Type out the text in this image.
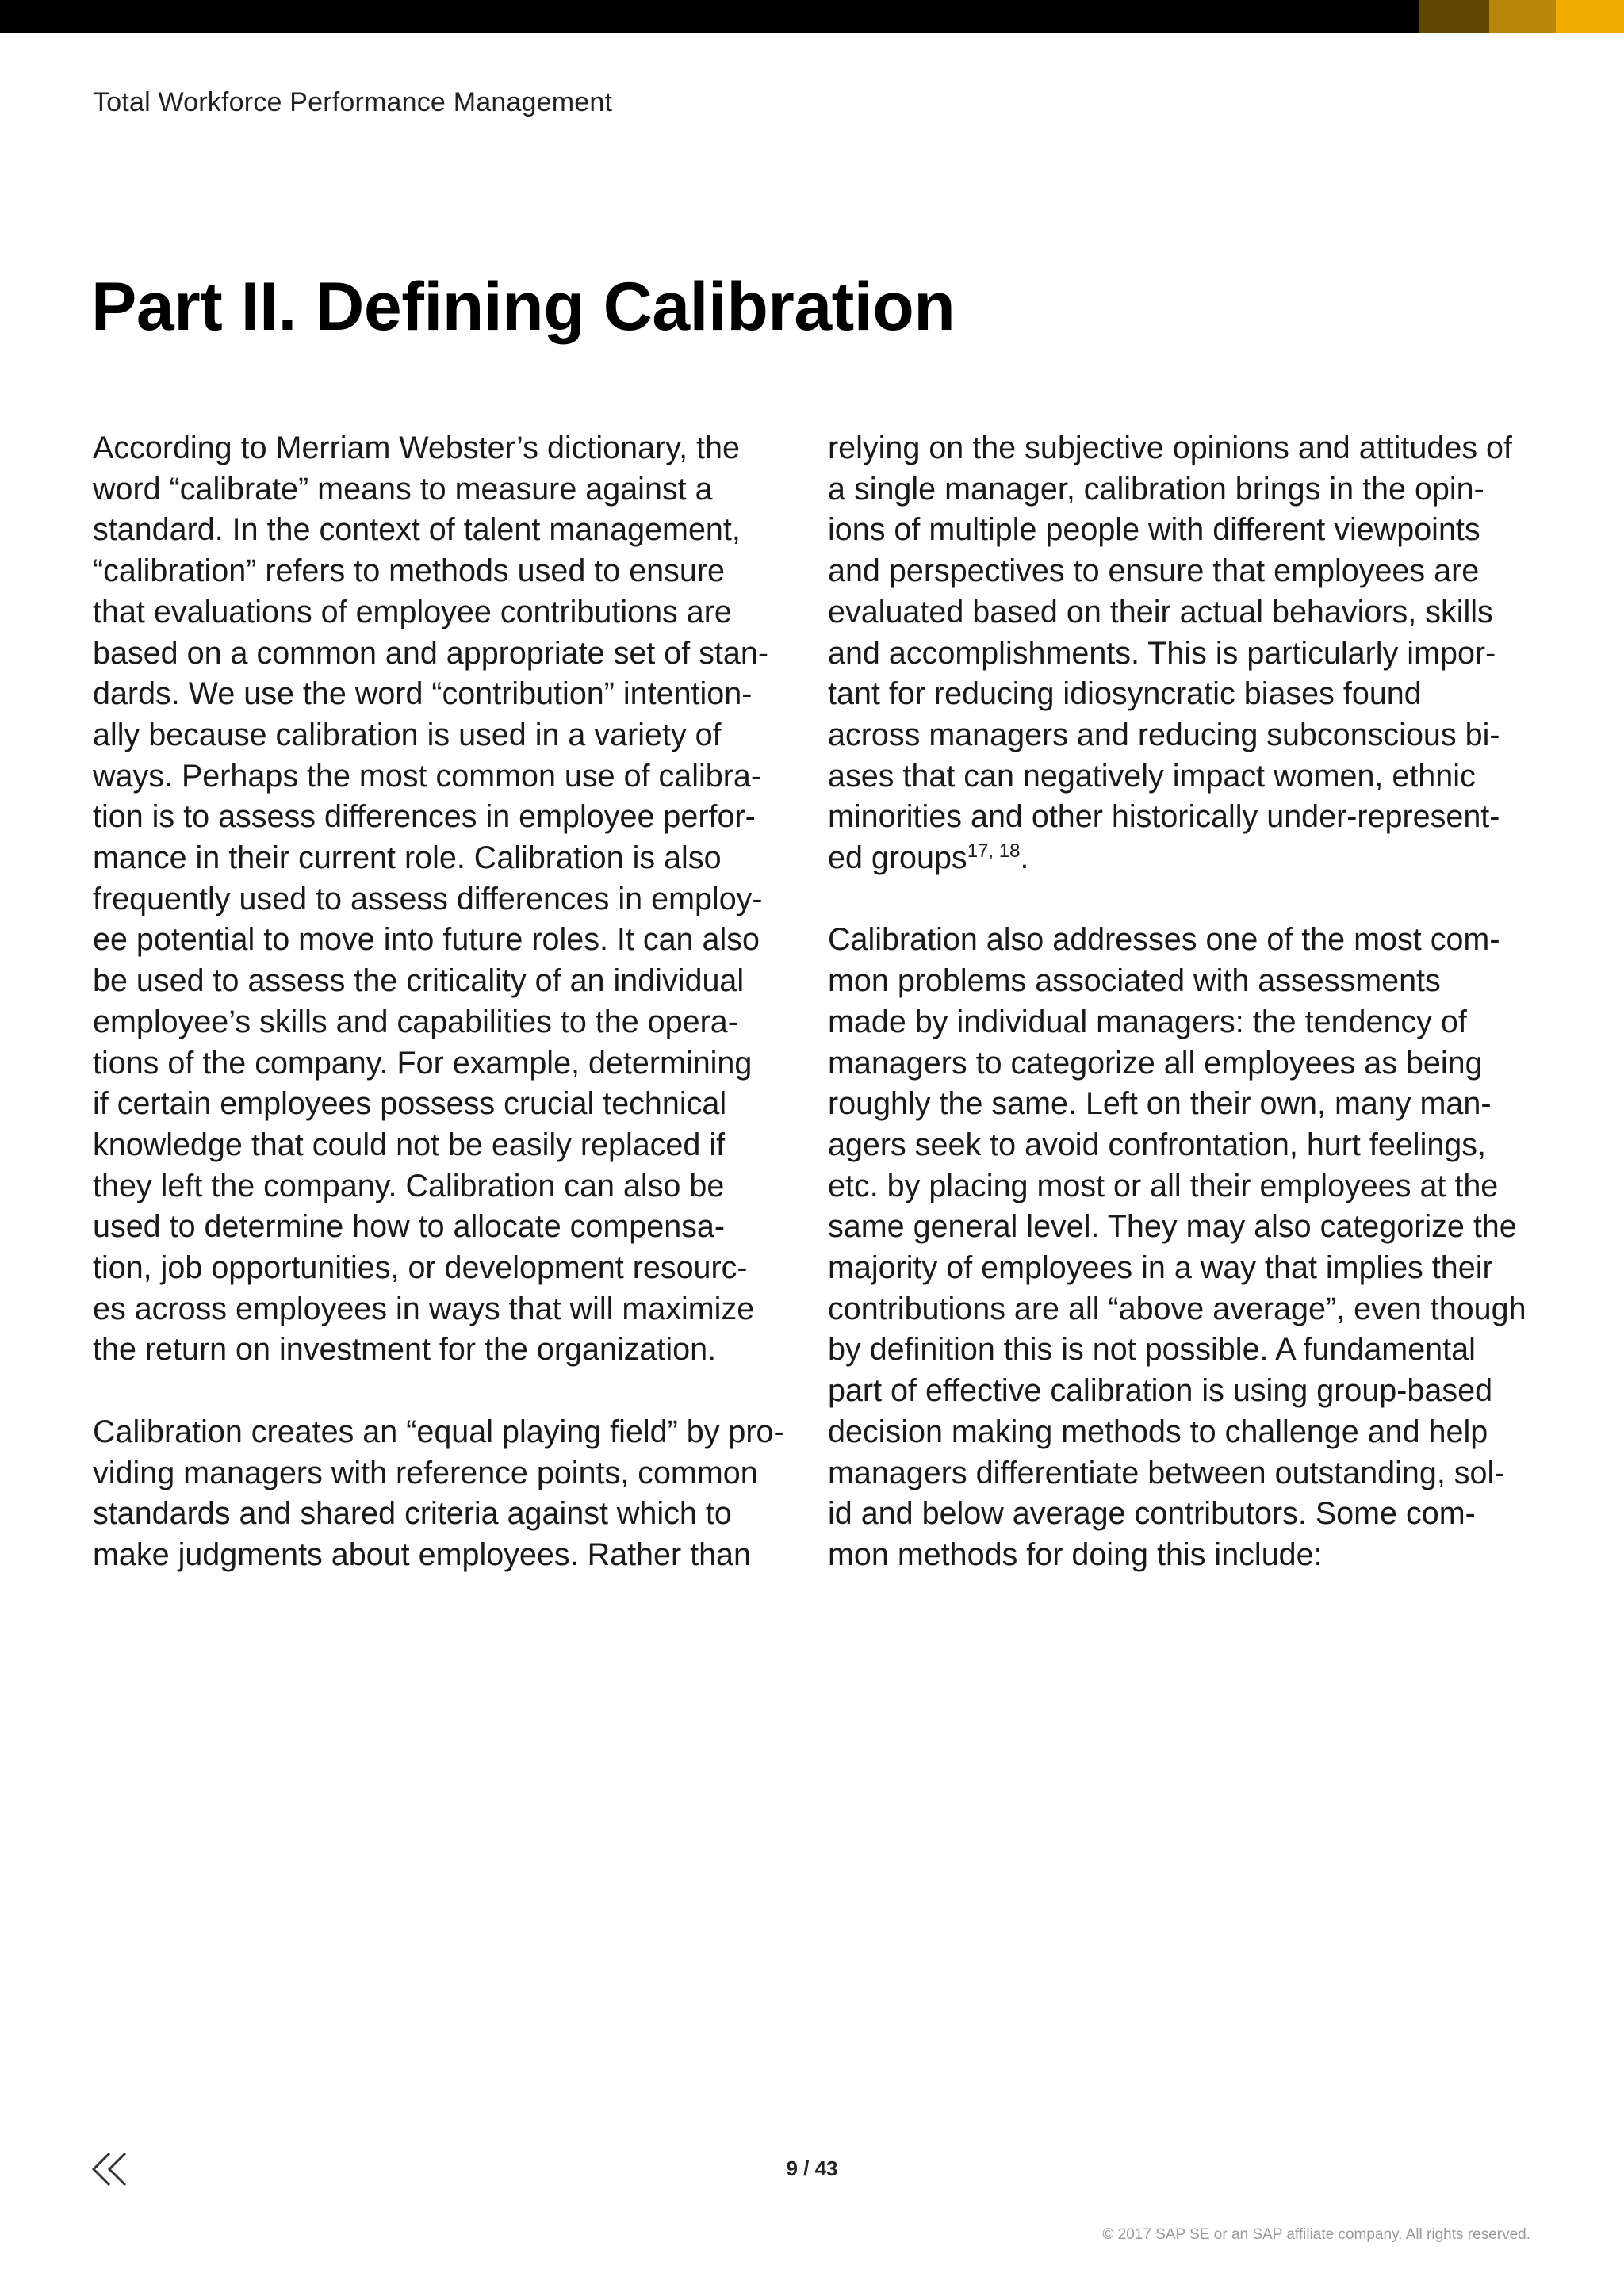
Total Workforce Performance Management
Part II. Defining Calibration

According to Merriam Webster’s dictionary, the

word “calibrate” means to measure against a

standard. In the context of talent management,

“calibration” refers to methods used to ensure

that evaluations of employee contributions are

based on a common and appropriate set of stan-

dards. We use the word “contribution” intention-

ally because calibration is used in a variety of

ways. Perhaps the most common use of calibra-

tion is to assess differences in employee perfor-

mance in their current role. Calibration is also

frequently used to assess differences in employ-

ee potential to move into future roles. It can also

be used to assess the criticality of an individual

employee’s skills and capabilities to the opera-

tions of the company. For example, determining

if certain employees possess crucial technical

knowledge that could not be easily replaced if

they left the company. Calibration can also be

used to determine how to allocate compensa-

tion, job opportunities, or development resourc-

es across employees in ways that will maximize

the return on investment for the organization.

Calibration creates an “equal playing field” by pro-

viding managers with reference points, common

standards and shared criteria against which to

make judgments about employees. Rather than

relying on the subjective opinions and attitudes of

a single manager, calibration brings in the opin-

ions of multiple people with different viewpoints

and perspectives to ensure that employees are

evaluated based on their actual behaviors, skills

and accomplishments. This is particularly impor-

tant for reducing idiosyncratic biases found

across managers and reducing subconscious bi-

ases that can negatively impact women, ethnic

minorities and other historically under-represent-

ed groups$^{17, 18}$.

Calibration also addresses one of the most com-

mon problems associated with assessments

made by individual managers: the tendency of

managers to categorize all employees as being

roughly the same. Left on their own, many man-

agers seek to avoid confrontation, hurt feelings,

etc. by placing most or all their employees at the

same general level. They may also categorize the

majority of employees in a way that implies their

contributions are all “above average”, even though

by definition this is not possible. A fundamental

part of effective calibration is using group-based

decision making methods to challenge and help

managers differentiate between outstanding, sol-

id and below average contributors. Some com-

mon methods for doing this include:

9 / 43
© 2017 SAP SE or an SAP affiliate company. All rights reserved.
